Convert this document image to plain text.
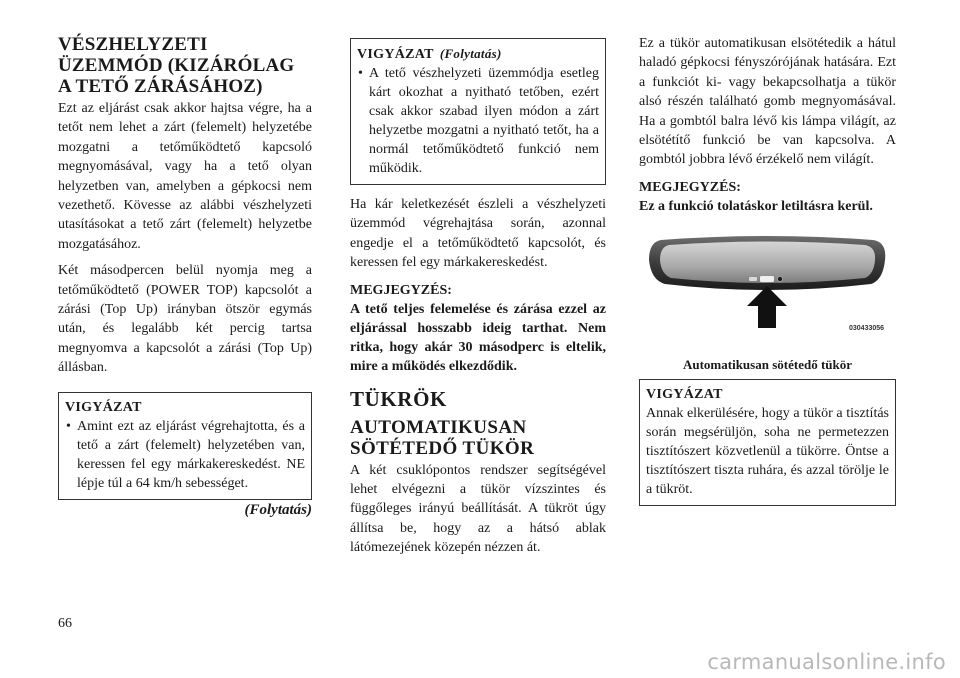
VÉSZHELYZETI
ÜZEMMÓD (KIZÁRÓLAG
A TETŐ ZÁRÁSÁHOZ)

Ezt az eljárást csak akkor hajtsa végre, ha a tetőt nem lehet a zárt (felemelt) helyzetébe mozgatni a tetőműködtető kapcsoló megnyomásával, vagy ha a tető olyan helyzetben van, amelyben a gépkocsi nem vezethető. Kövesse az alábbi vészhelyzeti utasításokat a tető zárt (felemelt) helyzetbe mozgatásához.

Két másodpercen belül nyomja meg a tetőműködtető (POWER TOP) kapcsolót a zárási (Top Up) irányban ötször egymás után, és legalább két percig tartsa megnyomva a kapcsolót a zárási (Top Up) állásban.

VIGYÁZAT
• Amint ezt az eljárást végrehajtotta, és a tető a zárt (felemelt) helyzetében van, keressen fel egy márkakereskedést. NE lépje túl a 64 km/h sebességet.
(Folytatás)
VIGYÁZAT (Folytatás)
• A tető vészhelyzeti üzemmódja esetleg kárt okozhat a nyitható tetőben, ezért csak akkor szabad ilyen módon a zárt helyzetbe mozgatni a nyitható tetőt, ha a normál tetőműködtető funkció nem működik.

Ha kár keletkezését észleli a vészhelyzeti üzemmód végrehajtása során, azonnal engedje el a tetőműködtető kapcsolót, és keressen fel egy márkakereskedést.

MEGJEGYZÉS:
A tető teljes felemelése és zárása ezzel az eljárással hosszabb ideig tarthat. Nem ritka, hogy akár 30 másodperc is eltelik, mire a működés elkezdődik.
TÜKRÖK
AUTOMATIKUSAN
SÖTÉTEDŐ TÜKÖR

A két csuklópontos rendszer segítségével lehet elvégezni a tükör vízszintes és függőleges irányú beállítását. A tükröt úgy állítsa be, hogy az a hátsó ablak látómezejének közepén nézzen át.

Ez a tükör automatikusan elsötétedik a hátul haladó gépkocsi fényszórójának hatására. Ezt a funkciót ki- vagy bekapcsolhatja a tükör alsó részén található gomb megnyomásával. Ha a gombtól balra lévő kis lámpa világít, az elsötétítő funkció be van kapcsolva. A gombtól jobbra lévő érzékelő nem világít.

MEGJEGYZÉS:
Ez a funkció tolatáskor letiltásra kerül.
030433056
Automatikusan sötétedő tükör
VIGYÁZAT
Annak elkerülésére, hogy a tükör a tisztítás során megsérüljön, soha ne permetezzen tisztítószert közvetlenül a tükörre. Öntse a tisztítószert tiszta ruhára, és azzal törölje le a tükröt.
66
carmanualsonline.info
